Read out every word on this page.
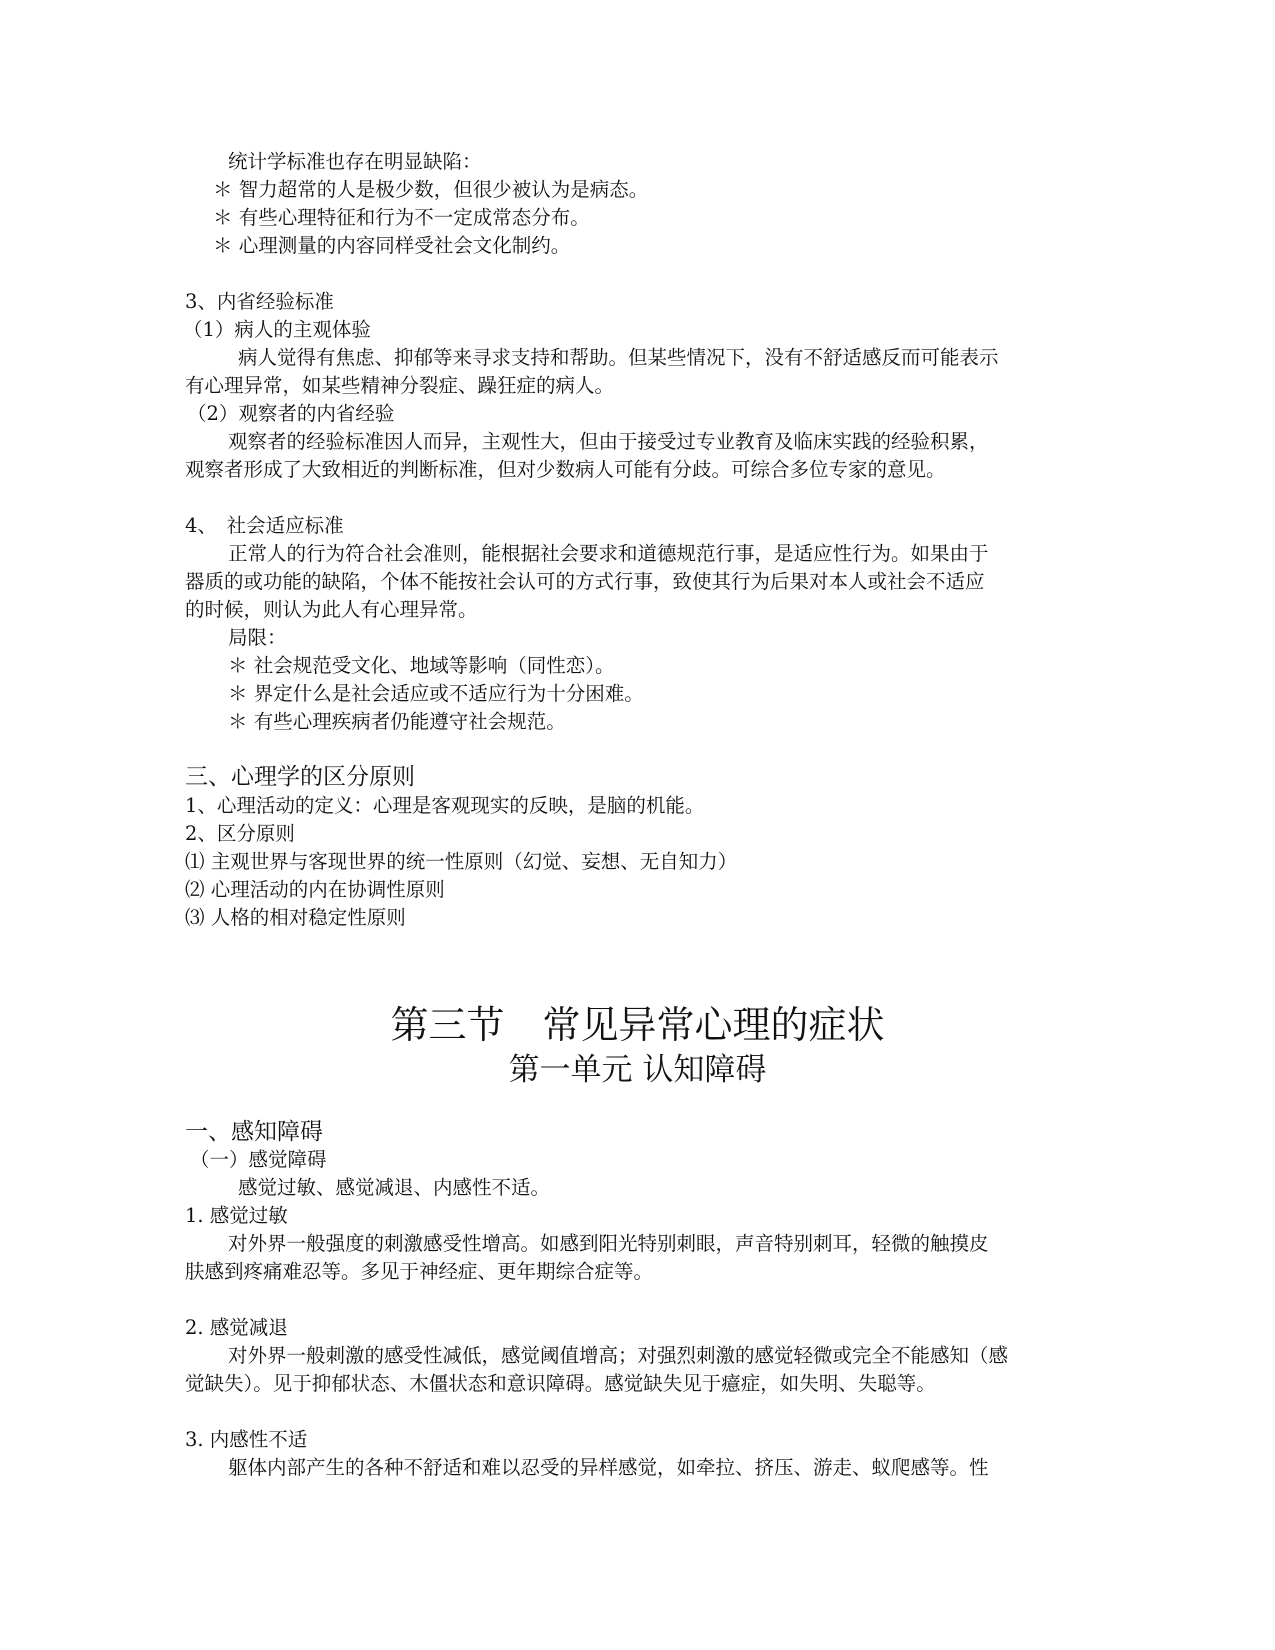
统计学标准也存在明显缺陷：
＊ 智力超常的人是极少数，但很少被认为是病态。
＊ 有些心理特征和行为不一定成常态分布。
＊ 心理测量的内容同样受社会文化制约。
3、内省经验标准
（1）病人的主观体验
病人觉得有焦虑、抑郁等来寻求支持和帮助。但某些情况下，没有不舒适感反而可能表示
有心理异常，如某些精神分裂症、躁狂症的病人。
（2）观察者的内省经验
观察者的经验标准因人而异，主观性大，但由于接受过专业教育及临床实践的经验积累，
观察者形成了大致相近的判断标准，但对少数病人可能有分歧。可综合多位专家的意见。
4、　社会适应标准
正常人的行为符合社会准则，能根据社会要求和道德规范行事，是适应性行为。如果由于
器质的或功能的缺陷，个体不能按社会认可的方式行事，致使其行为后果对本人或社会不适应
的时候，则认为此人有心理异常。
局限：
＊ 社会规范受文化、地域等影响（同性恋）。
＊ 界定什么是社会适应或不适应行为十分困难。
＊ 有些心理疾病者仍能遵守社会规范。
三、心理学的区分原则
1、心理活动的定义：心理是客观现实的反映，是脑的机能。
2、区分原则
⑴ 主观世界与客现世界的统一性原则（幻觉、妄想、无自知力）
⑵ 心理活动的内在协调性原则
⑶ 人格的相对稳定性原则
第三节　常见异常心理的症状
第一单元 认知障碍
一、感知障碍
（一）感觉障碍
感觉过敏、感觉减退、内感性不适。
1. 感觉过敏
对外界一般强度的刺激感受性增高。如感到阳光特别刺眼，声音特别刺耳，轻微的触摸皮
肤感到疼痛难忍等。多见于神经症、更年期综合症等。
2. 感觉减退
对外界一般刺激的感受性减低，感觉阈值增高；对强烈刺激的感觉轻微或完全不能感知（感
觉缺失）。见于抑郁状态、木僵状态和意识障碍。感觉缺失见于癔症，如失明、失聪等。
3. 内感性不适
躯体内部产生的各种不舒适和难以忍受的异样感觉，如牵拉、挤压、游走、蚁爬感等。性
